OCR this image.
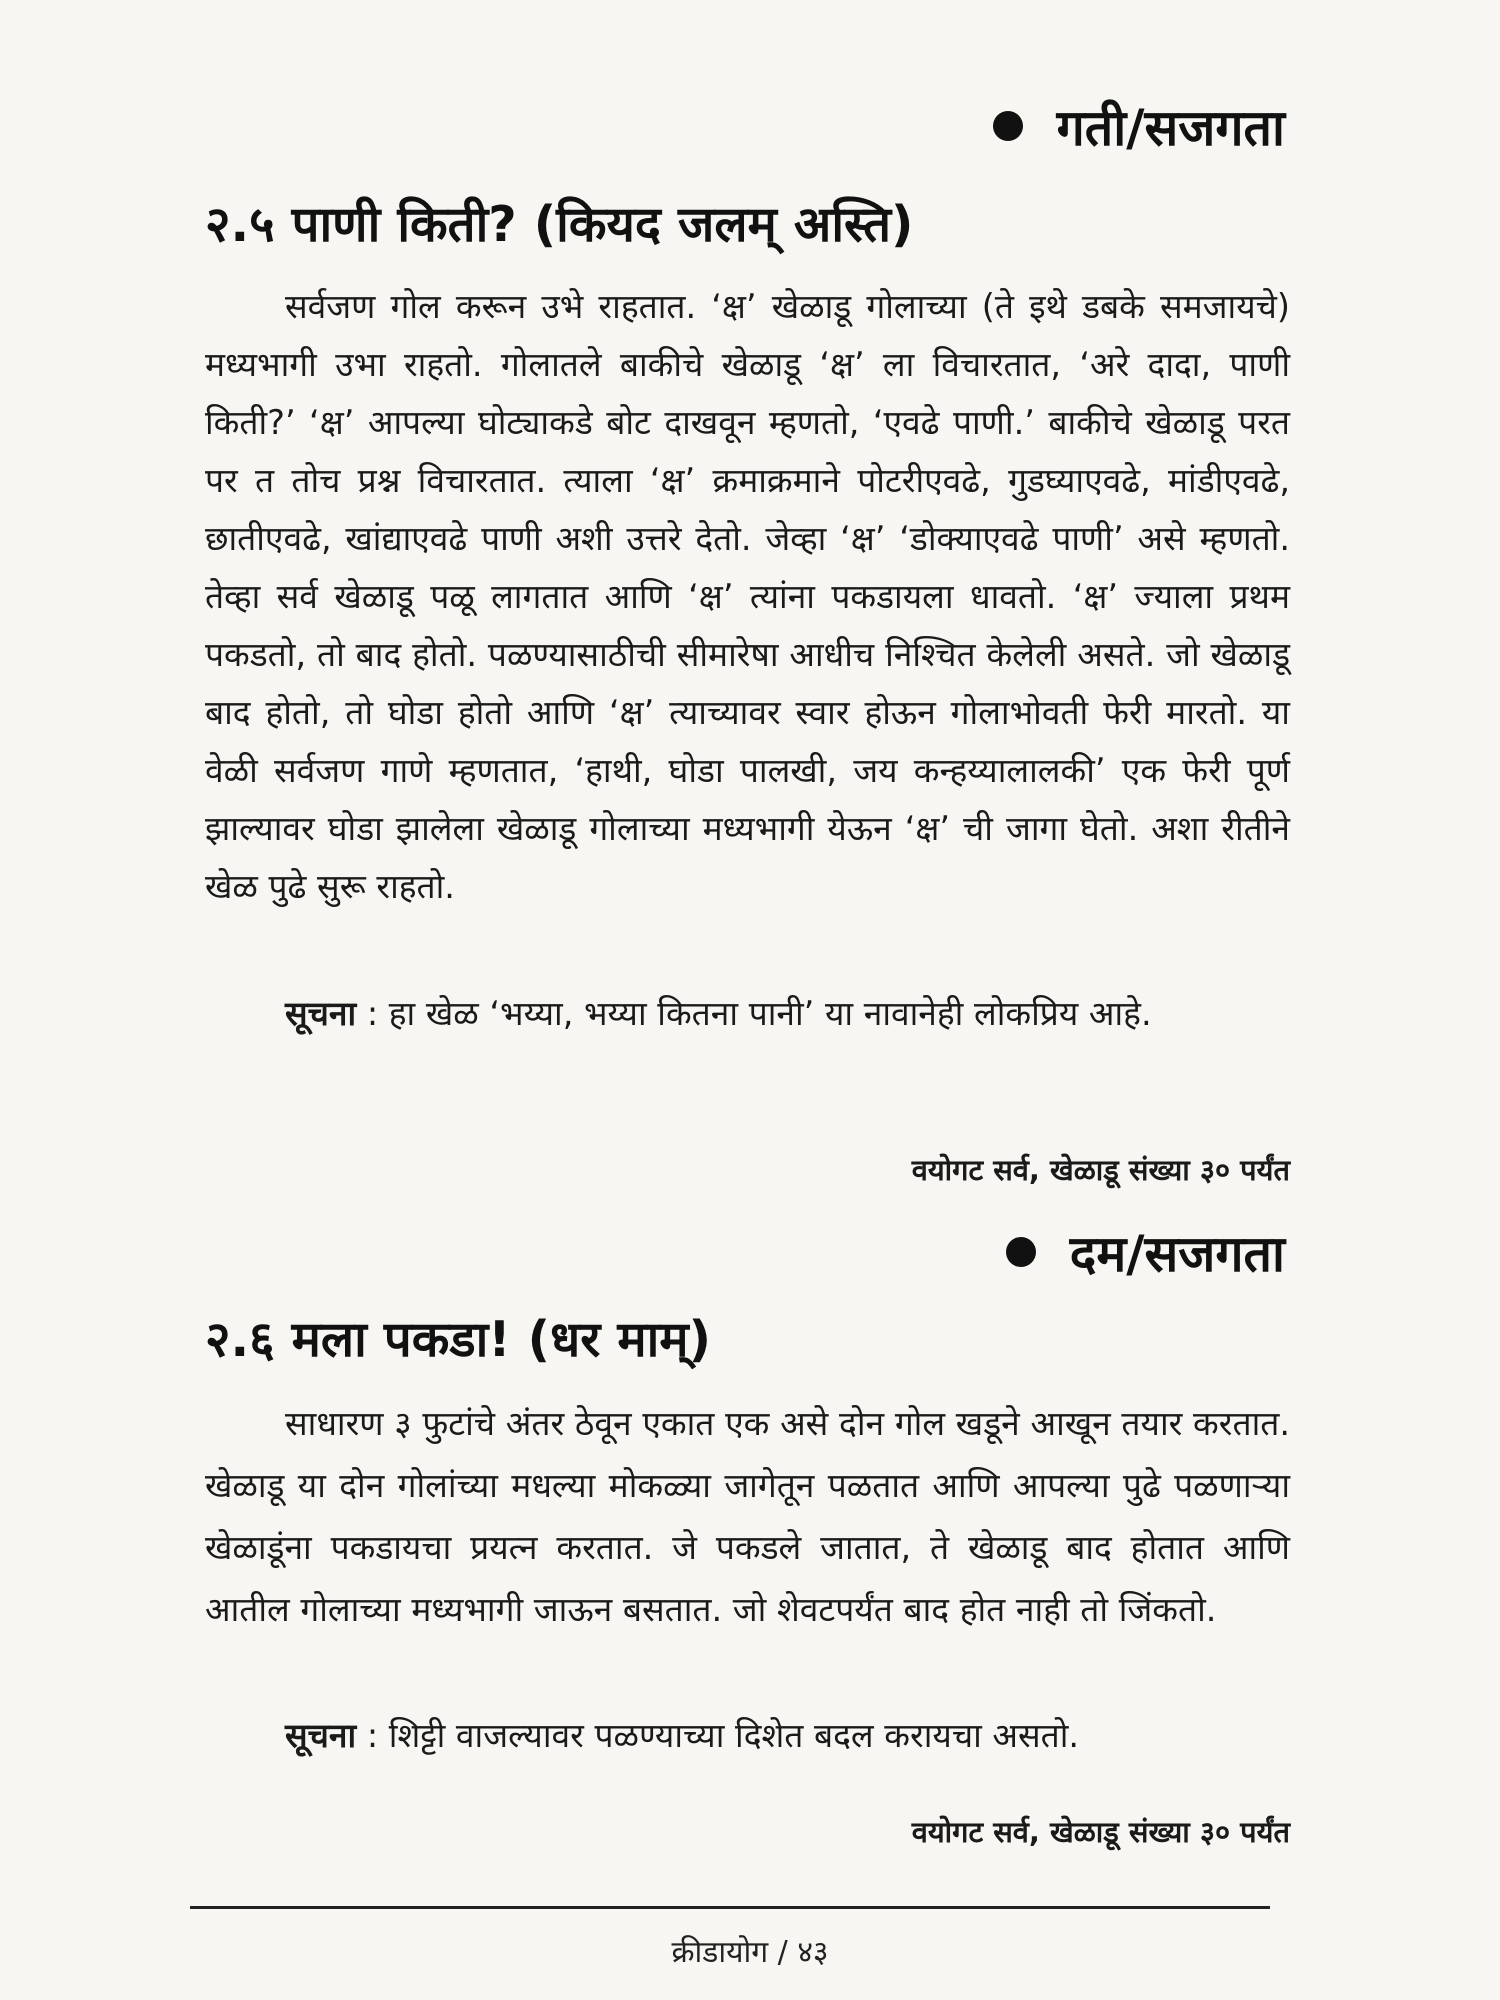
गती/सजगता
२.५ पाणी किती? (कियद जलम् अस्ति)

सर्वजण गोल करून उभे राहतात. ‘क्ष’ खेळाडू गोलाच्या (ते इथे डबके समजायचे) मध्यभागी उभा राहतो. गोलातले बाकीचे खेळाडू ‘क्ष’ ला विचारतात, ‘अरे दादा, पाणी किती?’ ‘क्ष’ आपल्या घोट्याकडे बोट दाखवून म्हणतो, ‘एवढे पाणी.’ बाकीचे खेळाडू परत पर त तोच प्रश्न विचारतात. त्याला ‘क्ष’ क्रमाक्रमाने पोटरीएवढे, गुडघ्याएवढे, मांडीएवढे, छातीएवढे, खांद्याएवढे पाणी अशी उत्तरे देतो. जेव्हा ‘क्ष’ ‘डोक्याएवढे पाणी’ असे म्हणतो. तेव्हा सर्व खेळाडू पळू लागतात आणि ‘क्ष’ त्यांना पकडायला धावतो. ‘क्ष’ ज्याला प्रथम पकडतो, तो बाद होतो. पळण्यासाठीची सीमारेषा आधीच निश्चित केलेली असते. जो खेळाडू बाद होतो, तो घोडा होतो आणि ‘क्ष’ त्याच्यावर स्वार होऊन गोलाभोवती फेरी मारतो. या वेळी सर्वजण गाणे म्हणतात, ‘हाथी, घोडा पालखी, जय कन्हय्यालालकी’ एक फेरी पूर्ण झाल्यावर घोडा झालेला खेळाडू गोलाच्या मध्यभागी येऊन ‘क्ष’ ची जागा घेतो. अशा रीतीने खेळ पुढे सुरू राहतो.

सूचना : हा खेळ ‘भय्या, भय्या कितना पानी’ या नावानेही लोकप्रिय आहे.

वयोगट सर्व, खेळाडू संख्या ३० पर्यंत
दम/सजगता
२.६ मला पकडा! (धर माम्)

साधारण ३ फुटांचे अंतर ठेवून एकात एक असे दोन गोल खडूने आखून तयार करतात. खेळाडू या दोन गोलांच्या मधल्या मोकळ्या जागेतून पळतात आणि आपल्या पुढे पळणाऱ्या खेळाडूंना पकडायचा प्रयत्न करतात. जे पकडले जातात, ते खेळाडू बाद होतात आणि आतील गोलाच्या मध्यभागी जाऊन बसतात. जो शेवटपर्यंत बाद होत नाही तो जिंकतो.

सूचना : शिट्टी वाजल्यावर पळण्याच्या दिशेत बदल करायचा असतो.

वयोगट सर्व, खेळाडू संख्या ३० पर्यंत
क्रीडायोग / ४३
